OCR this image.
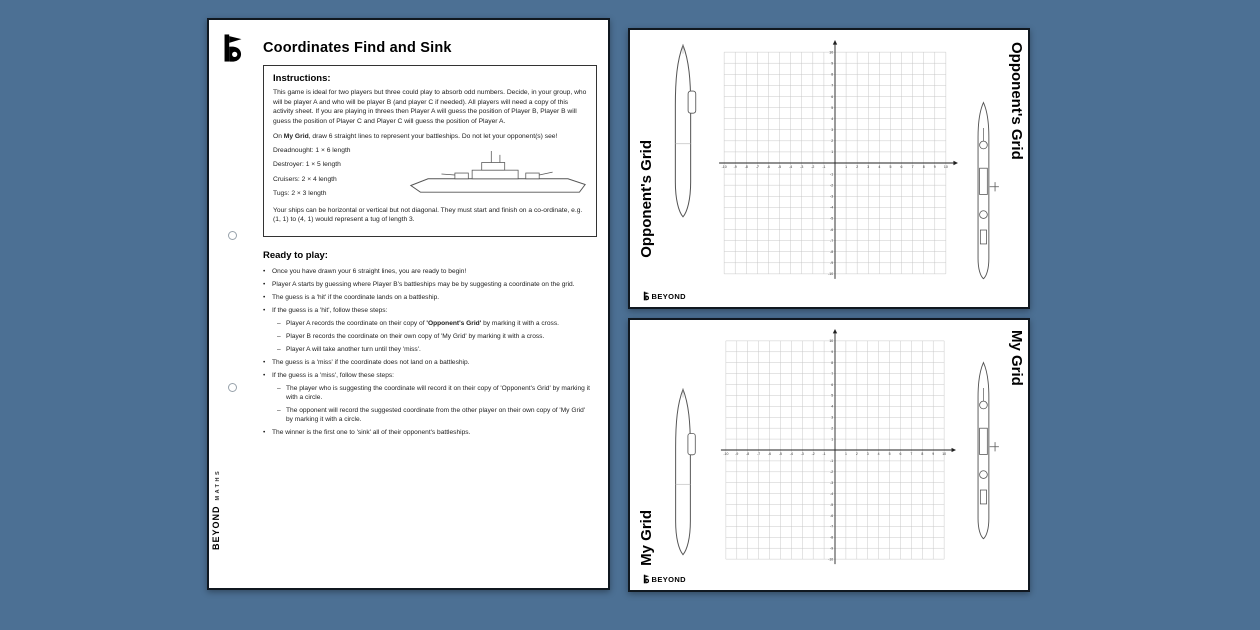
Coordinates Find and Sink
Instructions:

This game is ideal for two players but three could play to absorb odd numbers. Decide, in your group, who will be player A and who will be player B (and player C if needed). All players will need a copy of this activity sheet. If you are playing in threes then Player A will guess the position of Player B, Player B will guess the position of Player C and Player C will guess the position of Player A.

On My Grid, draw 6 straight lines to represent your battleships. Do not let your opponent(s) see!

Dreadnought: 1 × 6 length
Destroyer: 1 × 5 length
Cruisers: 2 × 4 length
Tugs: 2 × 3 length

Your ships can be horizontal or vertical but not diagonal. They must start and finish on a co-ordinate, e.g. (1, 1) to (4, 1) would represent a tug of length 3.

Ready to play:
•	Once you have drawn your 6 straight lines, you are ready to begin!
•	Player A starts by guessing where Player B's battleships may be by suggesting a coordinate on the grid.
•	The guess is a 'hit' if the coordinate lands on a battleship.
•	If the guess is a 'hit', follow these steps:
– Player A records the coordinate on their copy of 'Opponent's Grid' by marking it with a cross.
– Player B records the coordinate on their own copy of 'My Grid' by marking it with a cross.
– Player A will take another turn until they 'miss'.
•	The guess is a 'miss' if the coordinate does not land on a battleship.
•	If the guess is a 'miss', follow these steps:
– The player who is suggesting the coordinate will record it on their copy of 'Opponent's Grid' by marking it with a circle.
– The opponent will record the suggested coordinate from the other player on their own copy of 'My Grid' by marking it with a circle.
•	The winner is the first one to 'sink' all of their opponent's battleships.
BEYOND
MATHS
Opponent's Grid	-10 -9 -8 -7 -6 -5 -4 -3 -2 -1	1	2	3	4	5	6	7	8	9 10
-10
-9
-8
-7
-6
-5
-4
-3
-2
-1
1
2
3
4
5
6
7
8
9
10	Opponent's Grid
BEYOND
My Grid
-10 -9 -8 -7 -6 -5 -4 -3 -2 -1	1	2	3	4	5	6	7	8	9 10
-10
-9
-8
-7
-6
-5
-4
-3
-2
-1
1
2
3
4
5
6
7
8
9
10	My Grid
BEYOND
